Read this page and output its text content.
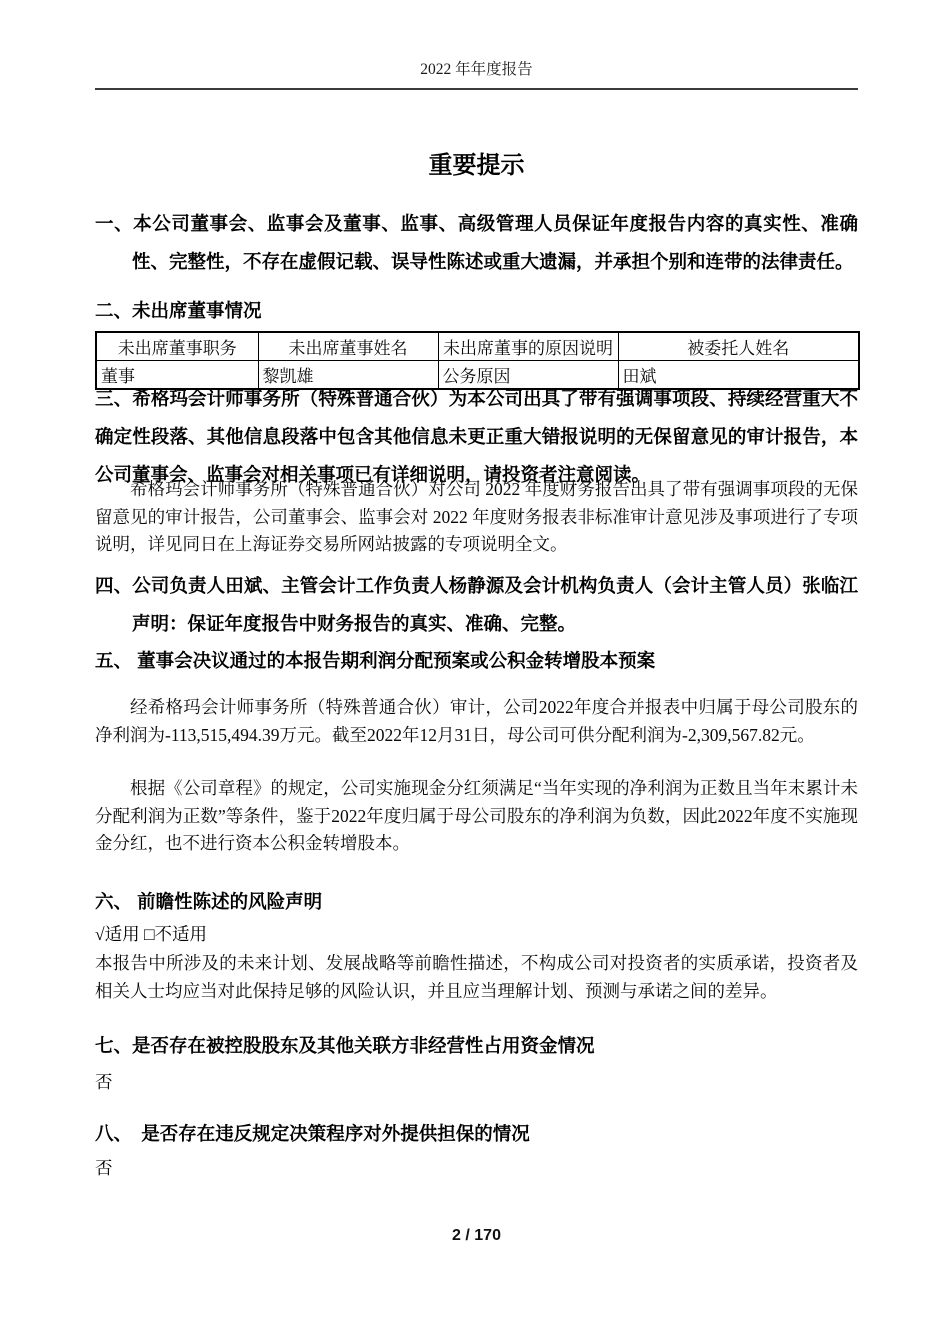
2022 年年度报告
重要提示
一、本公司董事会、监事会及董事、监事、高级管理人员保证年度报告内容的真实性、准确性、完整性，不存在虚假记载、误导性陈述或重大遗漏，并承担个别和连带的法律责任。
二、未出席董事情况
未出席董事职务	未出席董事姓名	未出席董事的原因说明	被委托人姓名
董事	黎凯雄	公务原因	田斌
三、希格玛会计师事务所（特殊普通合伙）为本公司出具了带有强调事项段、持续经营重大不确定性段落、其他信息段落中包含其他信息未更正重大错报说明的无保留意见的审计报告，本公司董事会、监事会对相关事项已有详细说明，请投资者注意阅读。
希格玛会计师事务所（特殊普通合伙）对公司 2022 年度财务报告出具了带有强调事项段的无保留意见的审计报告，公司董事会、监事会对 2022 年度财务报表非标准审计意见涉及事项进行了专项说明，详见同日在上海证券交易所网站披露的专项说明全文。
四、公司负责人田斌、主管会计工作负责人杨静源及会计机构负责人（会计主管人员）张临江声明：保证年度报告中财务报告的真实、准确、完整。
五、 董事会决议通过的本报告期利润分配预案或公积金转增股本预案
经希格玛会计师事务所（特殊普通合伙）审计，公司2022年度合并报表中归属于母公司股东的净利润为-113,515,494.39万元。截至2022年12月31日，母公司可供分配利润为-2,309,567.82元。
根据《公司章程》的规定，公司实施现金分红须满足“当年实现的净利润为正数且当年末累计未分配利润为正数”等条件，鉴于2022年度归属于母公司股东的净利润为负数，因此2022年度不实施现金分红，也不进行资本公积金转增股本。
六、 前瞻性陈述的风险声明
√适用 □不适用
本报告中所涉及的未来计划、发展战略等前瞻性描述，不构成公司对投资者的实质承诺，投资者及相关人士均应当对此保持足够的风险认识，并且应当理解计划、预测与承诺之间的差异。
七、是否存在被控股股东及其他关联方非经营性占用资金情况
否
八、　是否存在违反规定决策程序对外提供担保的情况
否
2 / 170
